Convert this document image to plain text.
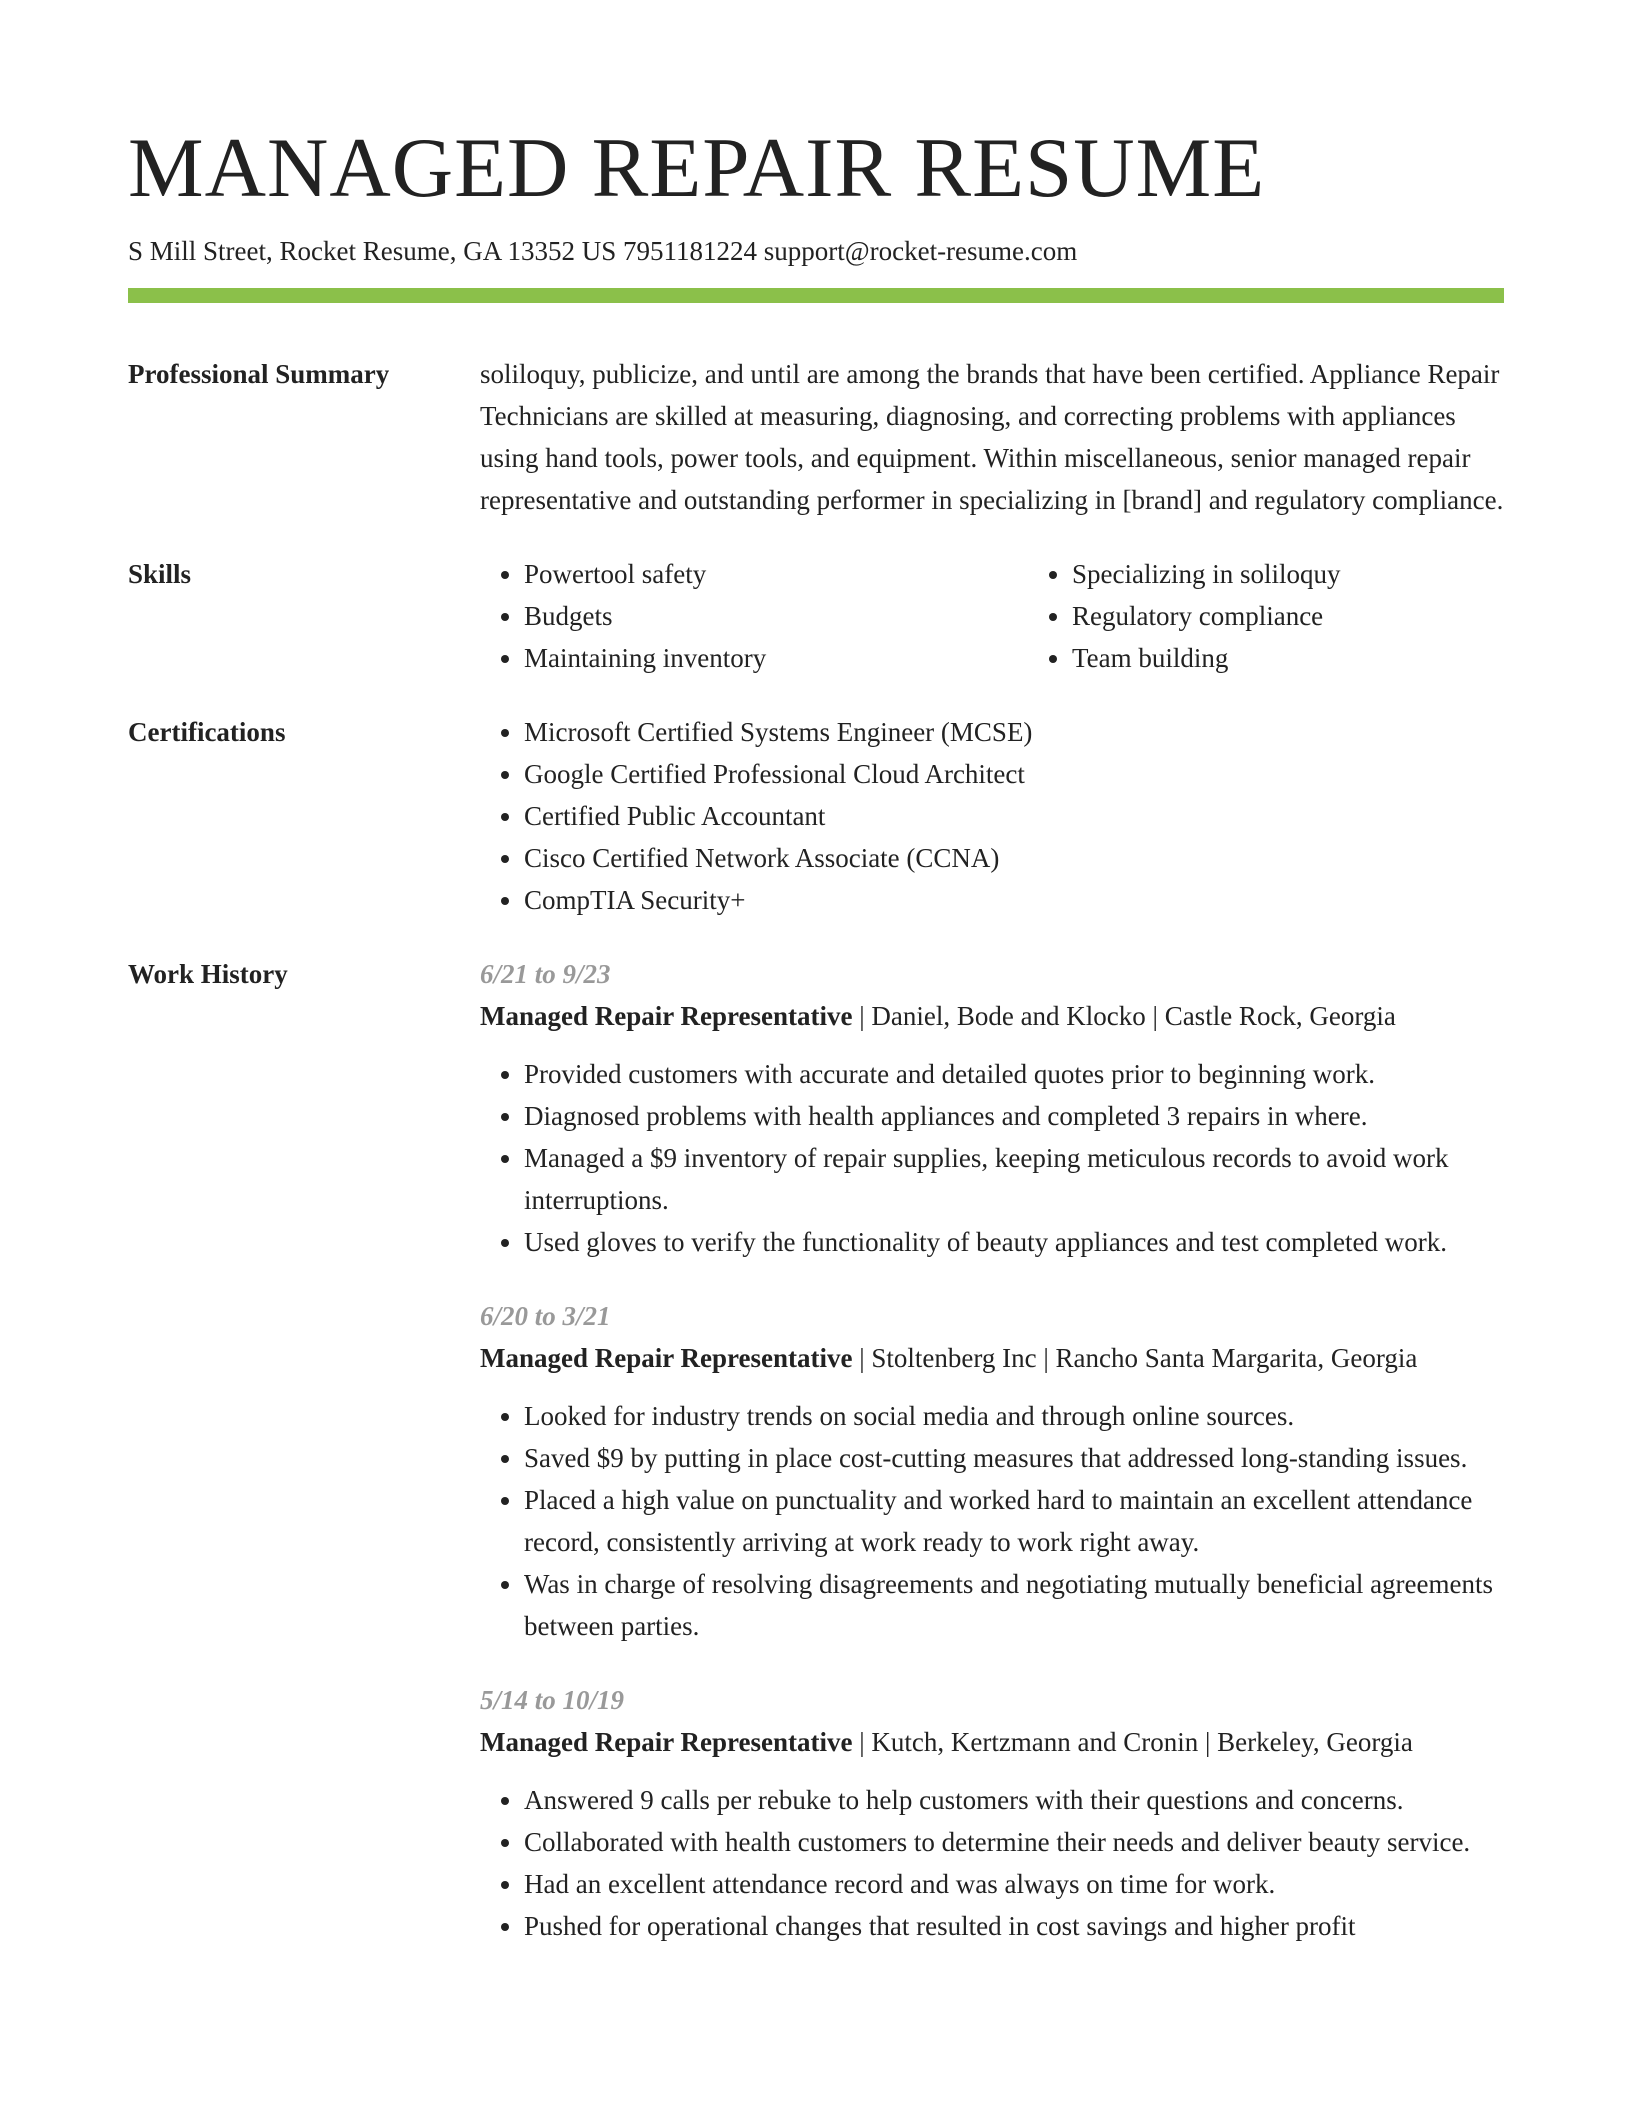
MANAGED REPAIR RESUME
S Mill Street, Rocket Resume, GA 13352 US 7951181224 support@rocket-resume.com
Professional Summary	soliloquy, publicize, and until are among the brands that have been certified. Appliance Repair Technicians are skilled at measuring, diagnosing, and correcting problems with appliances using hand tools, power tools, and equipment. Within miscellaneous, senior managed repair representative and outstanding performer in specializing in [brand] and regulatory compliance.

Skills	• Powertool safety
• Budgets
• Maintaining inventory
• Specializing in soliloquy
• Regulatory compliance
• Team building
Certifications	• Microsoft Certified Systems Engineer (MCSE)
• Google Certified Professional Cloud Architect
• Certified Public Accountant
• Cisco Certified Network Associate (CCNA)
• CompTIA Security+
Work History	6/21 to 9/23
Managed Repair Representative | Daniel, Bode and Klocko | Castle Rock, Georgia
• Provided customers with accurate and detailed quotes prior to beginning work.
• Diagnosed problems with health appliances and completed 3 repairs in where.
• Managed a $9 inventory of repair supplies, keeping meticulous records to avoid work interruptions.
• Used gloves to verify the functionality of beauty appliances and test completed work.
6/20 to 3/21
Managed Repair Representative | Stoltenberg Inc | Rancho Santa Margarita, Georgia
• Looked for industry trends on social media and through online sources.
• Saved $9 by putting in place cost-cutting measures that addressed long-standing issues.
• Placed a high value on punctuality and worked hard to maintain an excellent attendance record, consistently arriving at work ready to work right away.
• Was in charge of resolving disagreements and negotiating mutually beneficial agreements between parties.
5/14 to 10/19
Managed Repair Representative | Kutch, Kertzmann and Cronin | Berkeley, Georgia
• Answered 9 calls per rebuke to help customers with their questions and concerns.
• Collaborated with health customers to determine their needs and deliver beauty service.
• Had an excellent attendance record and was always on time for work.
• Pushed for operational changes that resulted in cost savings and higher profit
